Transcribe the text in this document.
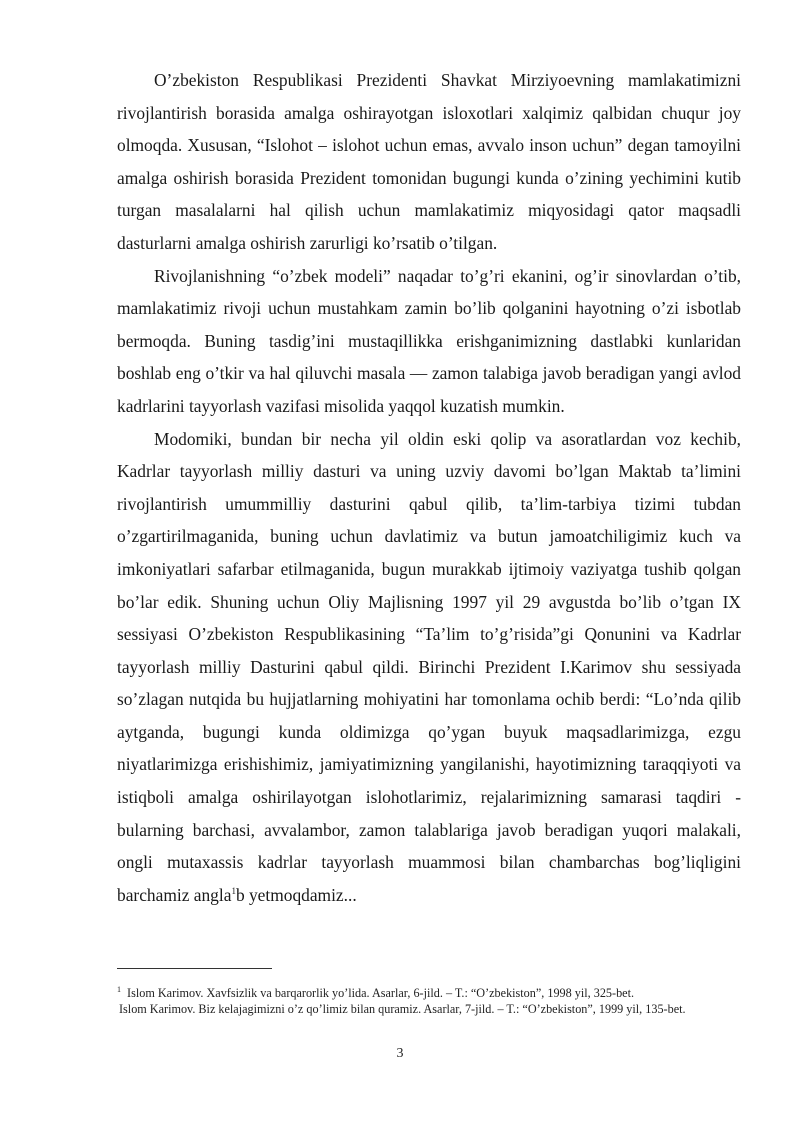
O’zbekiston Respublikasi Prezidenti Shavkat Mirziyoevning mamlakatimizni rivojlantirish borasida amalga oshirayotgan isloxotlari xalqimiz qalbidan chuqur joy olmoqda. Xususan, “Islohot – islohot uchun emas, avvalo inson uchun” degan tamoyilni amalga oshirish borasida Prezident tomonidan bugungi kunda o’zining yechimini kutib turgan masalalarni hal qilish uchun mamlakatimiz miqyosidagi qator maqsadli dasturlarni amalga oshirish zarurligi ko’rsatib o’tilgan.

Rivojlanishning “o’zbek modeli” naqadar to’g’ri ekanini, og’ir sinovlardan o’tib, mamlakatimiz rivoji uchun mustahkam zamin bo’lib qolganini hayotning o’zi isbotlab bermoqda. Buning tasdig’ini mustaqillikka erishganimizning dastlabki kunlaridan boshlab eng o’tkir va hal qiluvchi masala — zamon talabiga javob beradigan yangi avlod kadrlarini tayyorlash vazifasi misolida yaqqol kuzatish mumkin.

Modomiki, bundan bir necha yil oldin eski qolip va asoratlardan voz kechib, Kadrlar tayyorlash milliy dasturi va uning uzviy davomi bo’lgan Maktab ta’limini rivojlantirish umummilliy dasturini qabul qilib, ta’lim-tarbiya tizimi tubdan o’zgartirilmaganida, buning uchun davlatimiz va butun jamoatchiligimiz kuch va imkoniyatlari safarbar etilmaganida, bugun murakkab ijtimoiy vaziyatga tushib qolgan bo’lar edik. Shuning uchun Oliy Majlisning 1997 yil 29 avgustda bo’lib o’tgan IX sessiyasi O’zbekiston Respublikasining “Ta’lim to’g’risida”gi Qonunini va Kadrlar tayyorlash milliy Dasturini qabul qildi. Birinchi Prezident I.Karimov shu sessiyada so’zlagan nutqida bu hujjatlarning mohiyatini har tomonlama ochib berdi: “Lo’nda qilib aytganda, bugungi kunda oldimizga qo’ygan buyuk maqsadlarimizga, ezgu niyatlarimizga erishishimiz, jamiyatimizning yangilanishi, hayotimizning taraqqiyoti va istiqboli amalga oshirilayotgan islohotlarimiz, rejalarimizning samarasi taqdiri - bularning barchasi, avvalambor, zamon talablariga javob beradigan yuqori malakali, ongli mutaxassis kadrlar tayyorlash muammosi bilan chambarchas bog’liqligini barchamiz angla$^1$b yetmoqdamiz...

$^1$ Islom Karimov. Xavfsizlik va barqarorlik yo’lida. Asarlar, 6-jild. – T.: “O’zbekiston”, 1998 yil, 325-bet.

Islom Karimov. Biz kelajagimizni o’z qo’limiz bilan quramiz. Asarlar, 7-jild. – T.: “O’zbekiston”, 1999 yil, 135-bet.

3
